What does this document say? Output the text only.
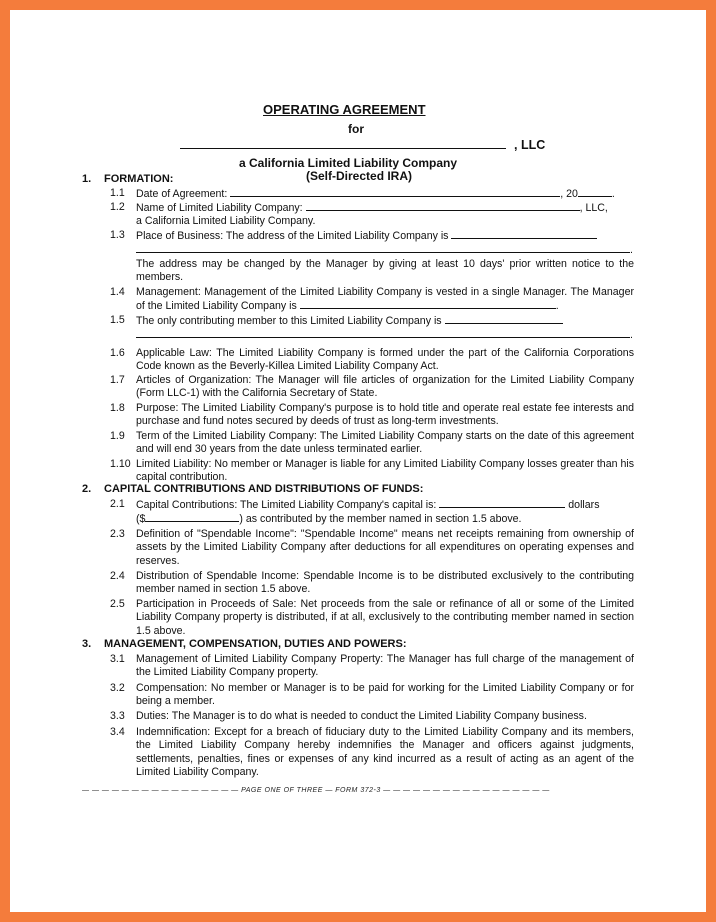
OPERATING AGREEMENT
for
, LLC
a California Limited Liability Company
(Self-Directed IRA)
1. FORMATION:
1.1	Date of Agreement:	, 20	.
1.2	Name of Limited Liability Company:	, LLC,
a California Limited Liability Company.
1.3	Place of Business: The address of the Limited Liability Company is
.
The address may be changed by the Manager by giving at least 10 days' prior written notice to the members.
1.4	Management: Management of the Limited Liability Company is vested in a single Manager. The Manager of the Limited Liability Company is	.
1.5	The only contributing member to this Limited Liability Company is
.
1.6	Applicable Law: The Limited Liability Company is formed under the part of the California Corporations Code known as the Beverly-Killea Limited Liability Company Act.
1.7	Articles of Organization: The Manager will file articles of organization for the Limited Liability Company (Form LLC-1) with the California Secretary of State.
1.8	Purpose: The Limited Liability Company's purpose is to hold title and operate real estate fee interests and purchase and fund notes secured by deeds of trust as long-term investments.
1.9	Term of the Limited Liability Company: The Limited Liability Company starts on the date of this agreement and will end 30 years from the date unless terminated earlier.
1.10 Limited Liability: No member or Manager is liable for any Limited Liability Company losses greater than his capital contribution.
2. CAPITAL CONTRIBUTIONS AND DISTRIBUTIONS OF FUNDS:
2.1	Capital Contributions: The Limited Liability Company's capital is:	dollars
($	) as contributed by the member named in section 1.5 above.
2.3	Definition of "Spendable Income": "Spendable Income" means net receipts remaining from ownership of assets by the Limited Liability Company after deductions for all expenditures on operating expenses and reserves.
2.4	Distribution of Spendable Income: Spendable Income is to be distributed exclusively to the contributing member named in section 1.5 above.
2.5	Participation in Proceeds of Sale: Net proceeds from the sale or refinance of all or some of the Limited Liability Company property is distributed, if at all, exclusively to the contributing member named in section 1.5 above.
3. MANAGEMENT, COMPENSATION, DUTIES AND POWERS:
3.1	Management of Limited Liability Company Property: The Manager has full charge of the management of the Limited Liability Company property.
3.2	Compensation: No member or Manager is to be paid for working for the Limited Liability Company or for being a member.
3.3	Duties: The Manager is to do what is needed to conduct the Limited Liability Company business.
3.4	Indemnification: Except for a breach of fiduciary duty to the Limited Liability Company and its members, the Limited Liability Company hereby indemnifies the Manager and officers against judgments, settlements, penalties, fines or expenses of any kind incurred as a result of acting as an agent of the Limited Liability Company.
— — — — — — — — — — — — — — — — PAGE ONE OF THREE — FORM 372-3 — — — — — — — — — — — — — — — — —
